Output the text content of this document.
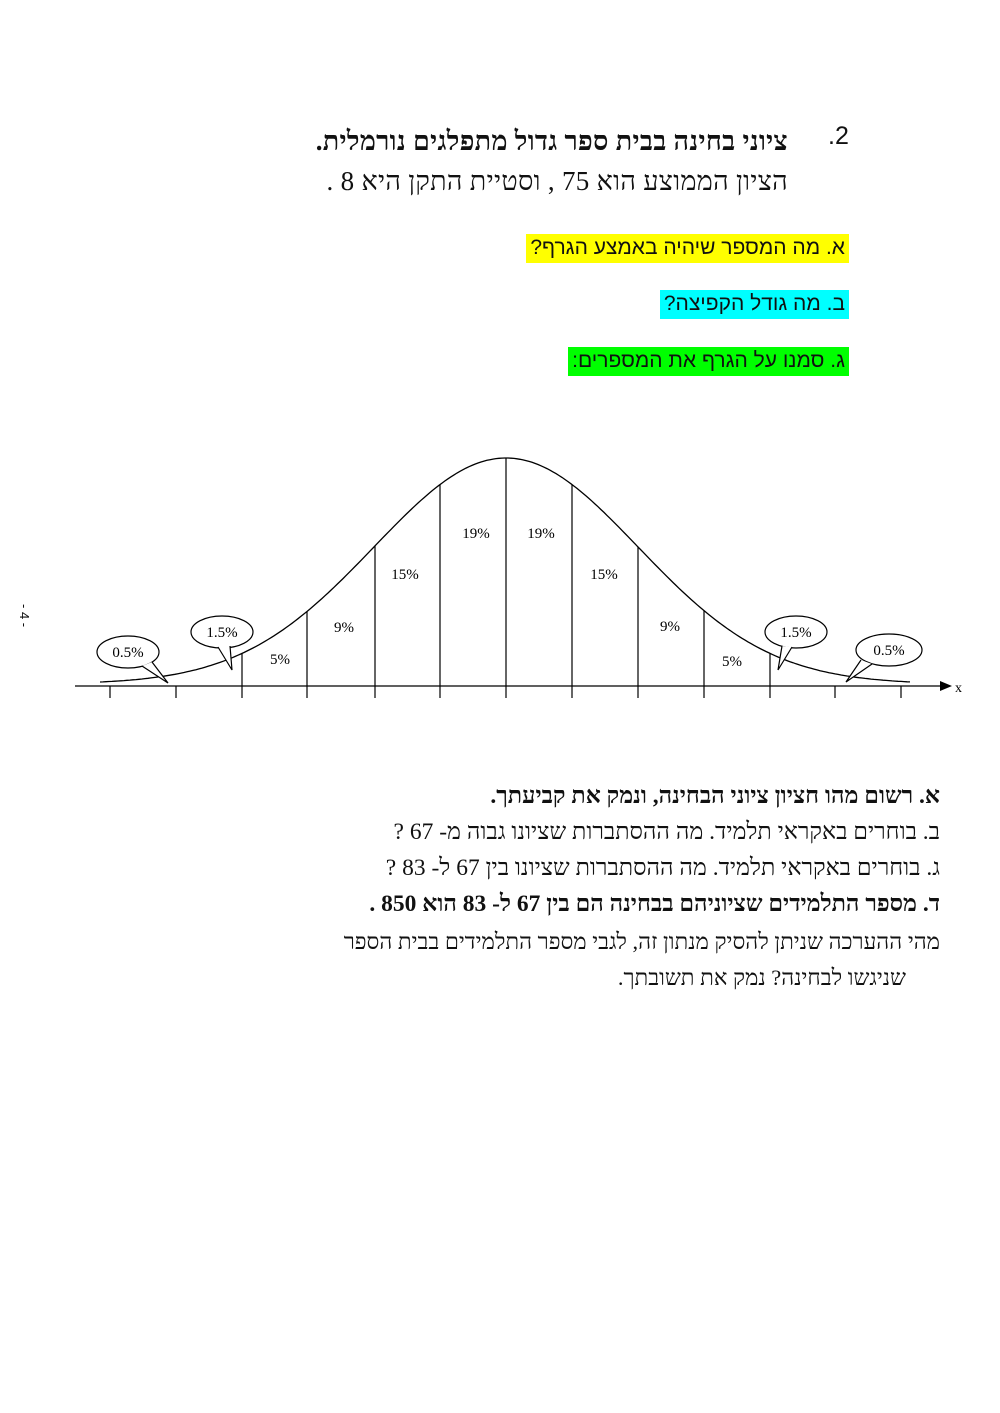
.2
ציוני בחינה בבית ספר גדול מתפלגים נורמלית.
הציון הממוצע הוא 75 , וסטיית התקן היא 8 .
א. מה המספר שיהיה באמצע הגרף?
ב. מה גודל הקפיצה?
ג. סמנו על הגרף את המספרים:
- 4 -
x
19%	19%
15%	15%
9%	9%
5%	5%
1.5%	1.5%
0.5%	0.5%
א. רשום מהו חציון ציוני הבחינה, ונמק את קביעתך.
ב. בוחרים באקראי תלמיד. מה ההסתברות שציונו גבוה מ- 67 ?
ג. בוחרים באקראי תלמיד. מה ההסתברות שציונו בין 67 ל- 83 ?
ד. מספר התלמידים שציוניהם בבחינה הם בין 67 ל- 83 הוא 850 .
מהי ההערכה שניתן להסיק מנתון זה, לגבי מספר התלמידים בבית הספר
שניגשו לבחינה? נמק את תשובתך.
